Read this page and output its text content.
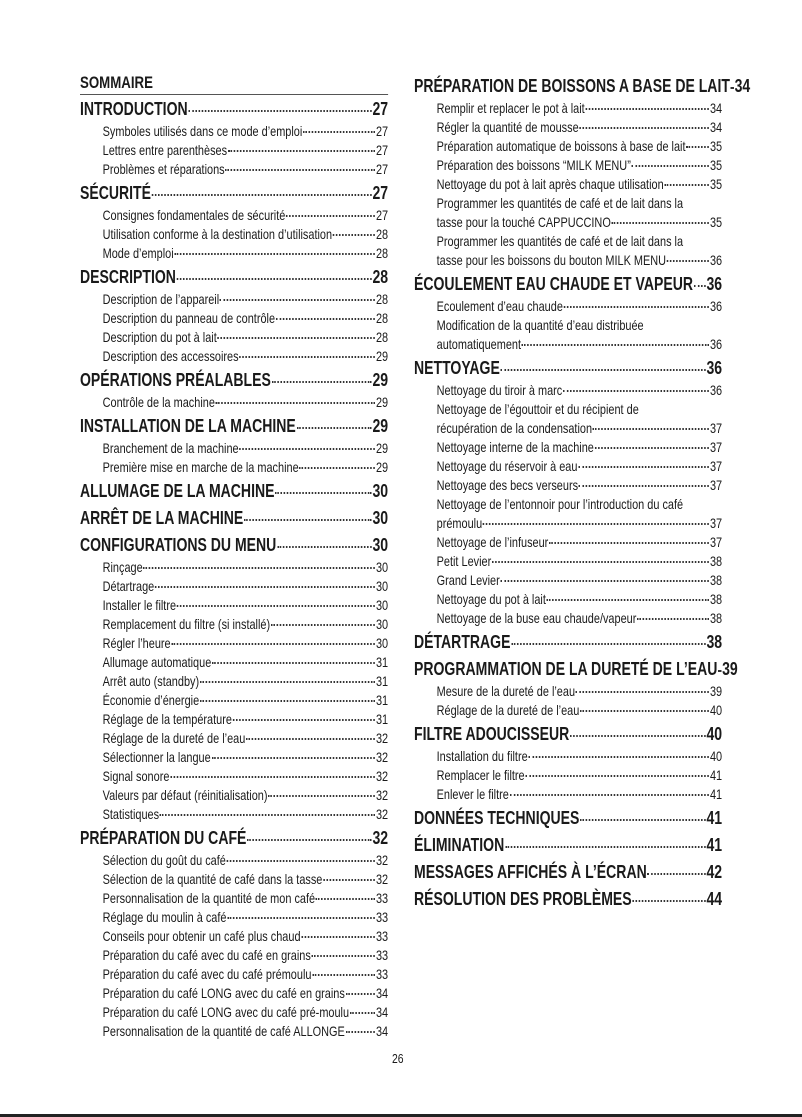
SOMMAIRE
INTRODUCTION	27
Symboles utilisés dans ce mode d’emploi	27
Lettres entre parenthèses	27
Problèmes et réparations	27
SÉCURITÉ	27
Consignes fondamentales de sécurité	27
Utilisation conforme à la destination d’utilisation	28
Mode d’emploi	28
DESCRIPTION	28
Description de l’appareil	28
Description du panneau de contrôle	28
Description du pot à lait	28
Description des accessoires	29
OPÉRATIONS PRÉALABLES	29
Contrôle de la machine	29
INSTALLATION DE LA MACHINE	29
Branchement de la machine	29
Première mise en marche de la machine	29
ALLUMAGE DE LA MACHINE	30
ARRÊT DE LA MACHINE	30
CONFIGURATIONS DU MENU	30
Rinçage	30
Détartrage	30
Installer le filtre	30
Remplacement du filtre (si installé)	30
Régler l’heure	30
Allumage automatique	31
Arrêt auto (standby)	31
Économie d’énergie	31
Réglage de la température	31
Réglage de la dureté de l’eau	32
Sélectionner la langue	32
Signal sonore	32
Valeurs par défaut (réinitialisation)	32
Statistiques	32
PRÉPARATION DU CAFÉ	32
Sélection du goût du café	32
Sélection de la quantité de café dans la tasse	32
Personnalisation de la quantité de mon café	33
Réglage du moulin à café	33
Conseils pour obtenir un café plus chaud	33
Préparation du café avec du café en grains	33
Préparation du café avec du café prémoulu	33
Préparation du café LONG avec du café en grains 34
Préparation du café LONG avec du café pré-moulu 34
Personnalisation de la quantité de café ALLONGE 34
PRÉPARATION DE BOISSONS A BASE DE LAIT 34
Remplir et replacer le pot à lait	34
Régler la quantité de mousse	34
Préparation automatique de boissons à base de lait 35
Préparation des boissons “MILK MENU”	35
Nettoyage du pot à lait après chaque utilisation	35
Programmer les quantités de café et de lait dans la
tasse pour la touché CAPPUCCINO	35
Programmer les quantités de café et de lait dans la
tasse pour les boissons du bouton MILK MENU	36
ÉCOULEMENT EAU CHAUDE ET VAPEUR 36
Ecoulement d’eau chaude	36
Modification de la quantité d’eau distribuée
automatiquement	36
NETTOYAGE	36
Nettoyage du tiroir à marc	36
Nettoyage de l’égouttoir et du récipient de
récupération de la condensation	37
Nettoyage interne de la machine	37
Nettoyage du réservoir à eau	37
Nettoyage des becs verseurs	37
Nettoyage de l’entonnoir pour l’introduction du café
prémoulu	37
Nettoyage de l’infuseur	37
Petit Levier	38
Grand Levier	38
Nettoyage du pot à lait	38
Nettoyage de la buse eau chaude/vapeur	38
DÉTARTRAGE	38
PROGRAMMATION DE LA DURETÉ DE L’EAU 39
Mesure de la dureté de l’eau	39
Réglage de la dureté de l’eau	40
FILTRE ADOUCISSEUR	40
Installation du filtre	40
Remplacer le filtre	41
Enlever le filtre	41
DONNÉES TECHNIQUES	41
ÉLIMINATION	41
MESSAGES AFFICHÉS À L’ÉCRAN	42
RÉSOLUTION DES PROBLÈMES	44
26
